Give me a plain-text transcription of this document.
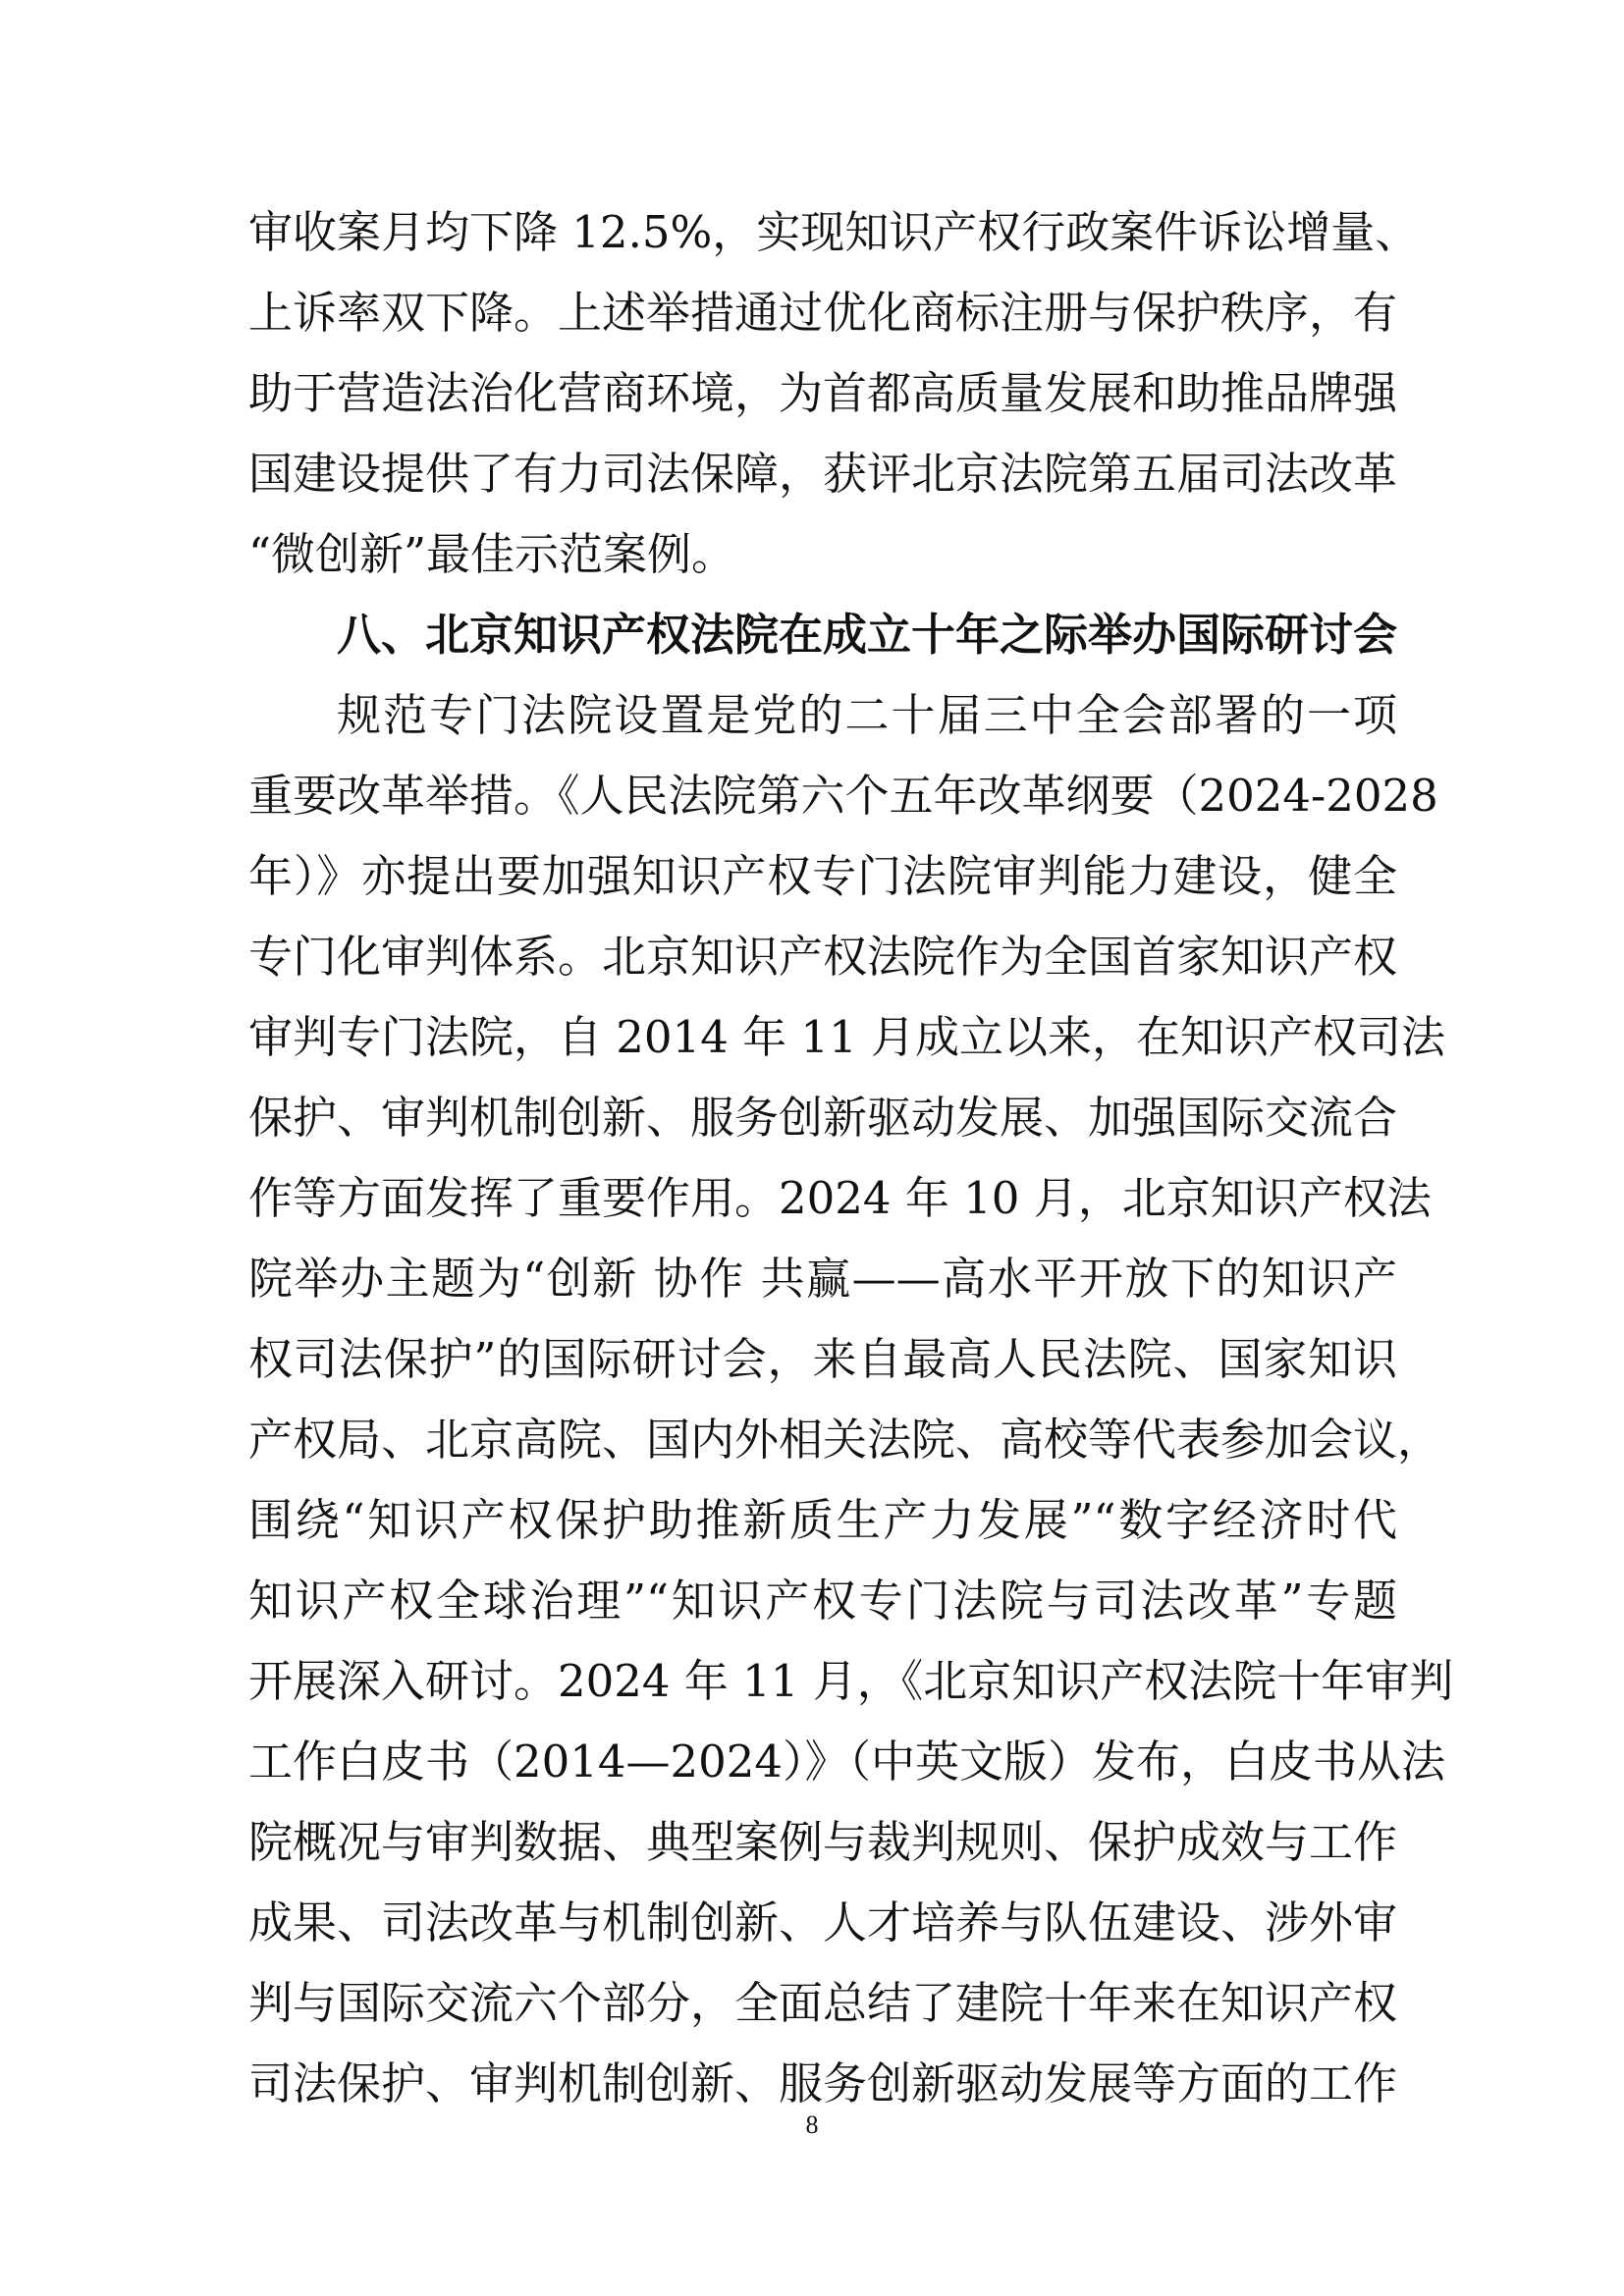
审收案月均下降 12.5%，实现知识产权行政案件诉讼增量、
上诉率双下降。上述举措通过优化商标注册与保护秩序，有
助于营造法治化营商环境，为首都高质量发展和助推品牌强
国建设提供了有力司法保障，获评北京法院第五届司法改革
“微创新”最佳示范案例。
八、北京知识产权法院在成立十年之际举办国际研讨会
规范专门法院设置是党的二十届三中全会部署的一项
重要改革举措。《人民法院第六个五年改革纲要（2024-2028
年）》亦提出要加强知识产权专门法院审判能力建设，健全
专门化审判体系。北京知识产权法院作为全国首家知识产权
审判专门法院，自 2014 年 11 月成立以来，在知识产权司法
保护、审判机制创新、服务创新驱动发展、加强国际交流合
作等方面发挥了重要作用。2024 年 10 月，北京知识产权法
院举办主题为“创新 协作 共赢——高水平开放下的知识产
权司法保护”的国际研讨会，来自最高人民法院、国家知识
产权局、北京高院、国内外相关法院、高校等代表参加会议，
围绕“知识产权保护助推新质生产力发展”“数字经济时代
知识产权全球治理”“知识产权专门法院与司法改革”专题
开展深入研讨。2024 年 11 月，《北京知识产权法院十年审判
工作白皮书（2014—2024）》（中英文版）发布，白皮书从法
院概况与审判数据、典型案例与裁判规则、保护成效与工作
成果、司法改革与机制创新、人才培养与队伍建设、涉外审
判与国际交流六个部分，全面总结了建院十年来在知识产权
司法保护、审判机制创新、服务创新驱动发展等方面的工作
8
